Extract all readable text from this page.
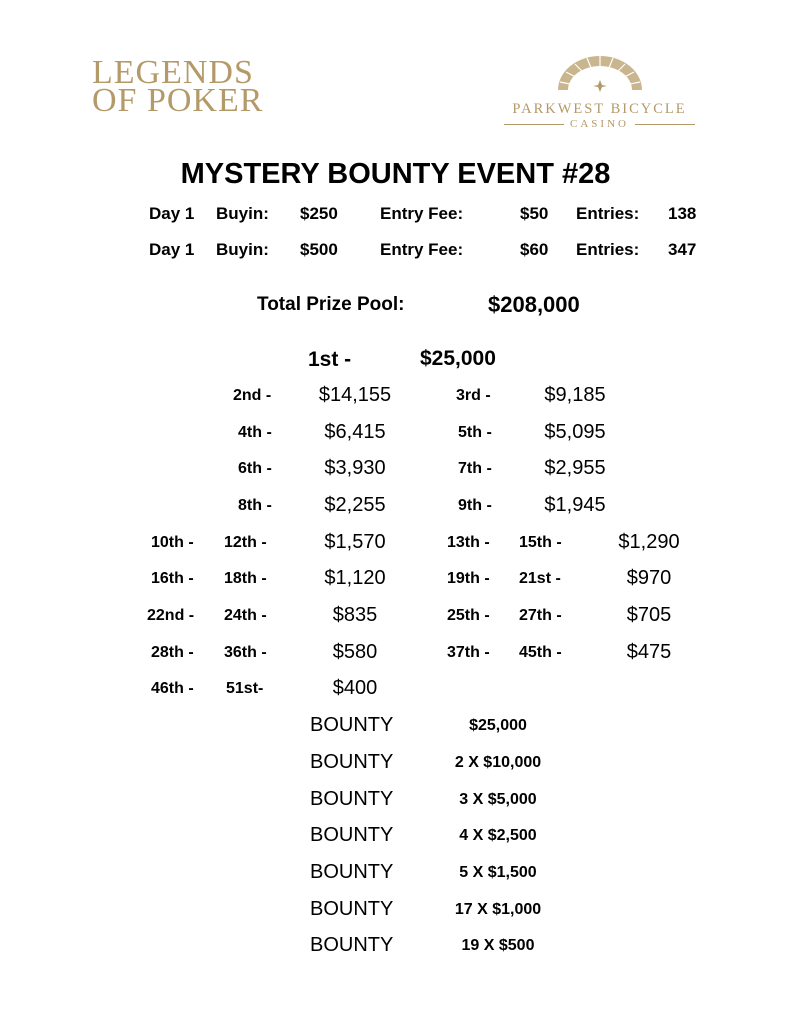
LEGENDS
OF POKER	PARKWEST BICYCLE
CASINO
MYSTERY BOUNTY EVENT #28
Day 1 Buyin: $250 Entry Fee:	$50 Entries: 138
Day 1 Buyin: $500 Entry Fee:	$60 Entries: 347
Total Prize Pool:	$208,000
1st -	$25,000
2nd -	$14,155	3rd -	$9,185
4th -	$6,415	5th -	$5,095
6th -	$3,930	7th -	$2,955
8th -	$2,255	9th -	$1,945
10th - 12th -	$1,570	13th - 15th -	$1,290
16th - 18th -	$1,120	19th - 21st -	$970
22nd - 24th -	$835	25th - 27th -	$705
28th - 36th -	$580	37th - 45th -	$475
46th - 51st-	$400
BOUNTY	$25,000
BOUNTY	2 X $10,000
BOUNTY	3 X $5,000
BOUNTY	4 X $2,500
BOUNTY	5 X $1,500
BOUNTY	17 X $1,000
BOUNTY	19 X $500
